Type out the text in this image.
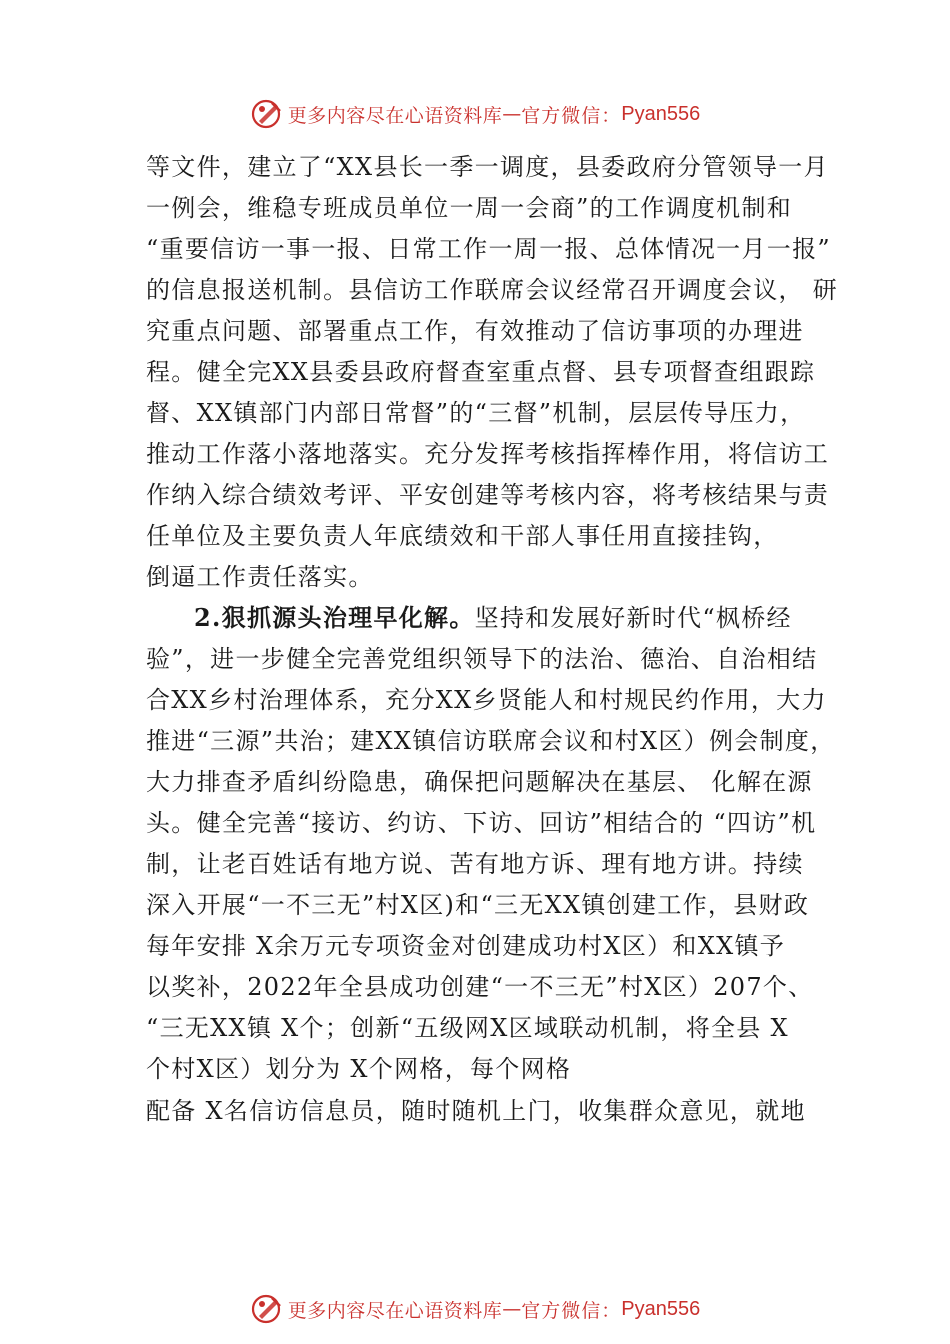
更多内容尽在心语资料库 — 官方微信： Pyan556
等文件，建立了“XX县长一季一调度，县委政府分管领导一月
一例会，维稳专班成员单位一周一会商”的工作调度机制和
“重要信访一事一报、日常工作一周一报、总体情况一月一报”
的信息报送机制。县信访工作联席会议经常召开调度会议， 研
究重点问题、部署重点工作，有效推动了信访事项的办理进
程。健全完XX县委县政府督查室重点督、县专项督查组跟踪
督、XX镇部门内部日常督”的“三督”机制，层层传导压力，
推动工作落小落地落实。充分发挥考核指挥棒作用，将信访工
作纳入综合绩效考评、平安创建等考核内容，将考核结果与责
任单位及主要负责人年底绩效和干部人事任用直接挂钩，
倒逼工作责任落实。
2.狠抓源头治理早化解。坚持和发展好新时代“枫桥经
验”，进一步健全完善党组织领导下的法治、德治、自治相结
合XX乡村治理体系，充分XX乡贤能人和村规民约作用，大力
推进“三源”共治；建XX镇信访联席会议和村X区）例会制度，
大力排查矛盾纠纷隐患，确保把问题解决在基层、 化解在源
头。健全完善“接访、约访、下访、回访”相结合的 “四访”机
制，让老百姓话有地方说、苦有地方诉、理有地方讲。持续
深入开展“一不三无”村X区)和“三无XX镇创建工作，县财政
每年安排 X余万元专项资金对创建成功村X区）和XX镇予
以奖补，2022年全县成功创建“一不三无”村X区）207个、
“三无XX镇 X个；创新“五级网X区域联动机制，将全县 X
个村X区）划分为 X个网格，每个网格
配备 X名信访信息员，随时随机上门，收集群众意见，就地
更多内容尽在心语资料库 — 官方微信： Pyan556
